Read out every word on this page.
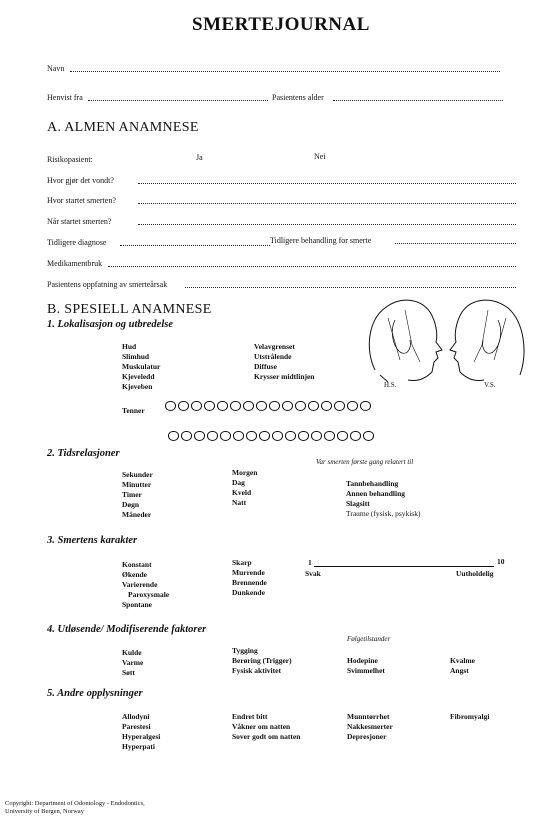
SMERTEJOURNAL
Navn
Henvist fra	Pasientens alder
A. ALMEN ANAMNESE
Risikopasient:	Ja	Nei
Hvor gjør det vondt?
Hvor startet smerten?
Når startet smerten?
Tidligere diagnose	Tidligere behandling for smerte
Medikamentbruk
Pasientens oppfatning av smerteårsak
B. SPESIELL ANAMNESE
1. Lokalisasjon og utbredelse
H.S.	V.S.
Hud
Slimhud
Muskulatur
Kjeveledd
Kjeveben
Velavgrenset
Utstrålende
Diffuse
Krysser midtlinjen
Tenner
2. Tidsrelasjoner
Sekunder
Minutter
Timer
Døgn
Måneder
Morgen
Dag
Kveld
Natt
Var smerten første gang relatert til
Tannbehandling
Annen behandling
Slagsitt
Traume (fysisk, psykisk)
3. Smertens karakter
Konstant
Økende
Varierende
Paroxysmale
Spontane
Skarp
Murrende
Brennende
Dunkende
1	10
Svak	Uutholdelig
4. Utløsende/ Modifiserende faktorer
Følgetilstander
Kulde
Varme
Søtt
Tygging
Berøring (Trigger)
Fysisk aktivitet
Hodepine
Svimmelhet
Kvalme
Angst
5. Andre opplysninger
Allodyni
Parestesi
Hyperalgesi
Hyperpati
Endret bitt
Våkner om natten
Sover godt om natten
Munntørrhet
Nakkesmerter
Depresjoner
Fibromyalgi
Copyright: Department of Odontology - Endodontics,
University of Bergen, Norway
